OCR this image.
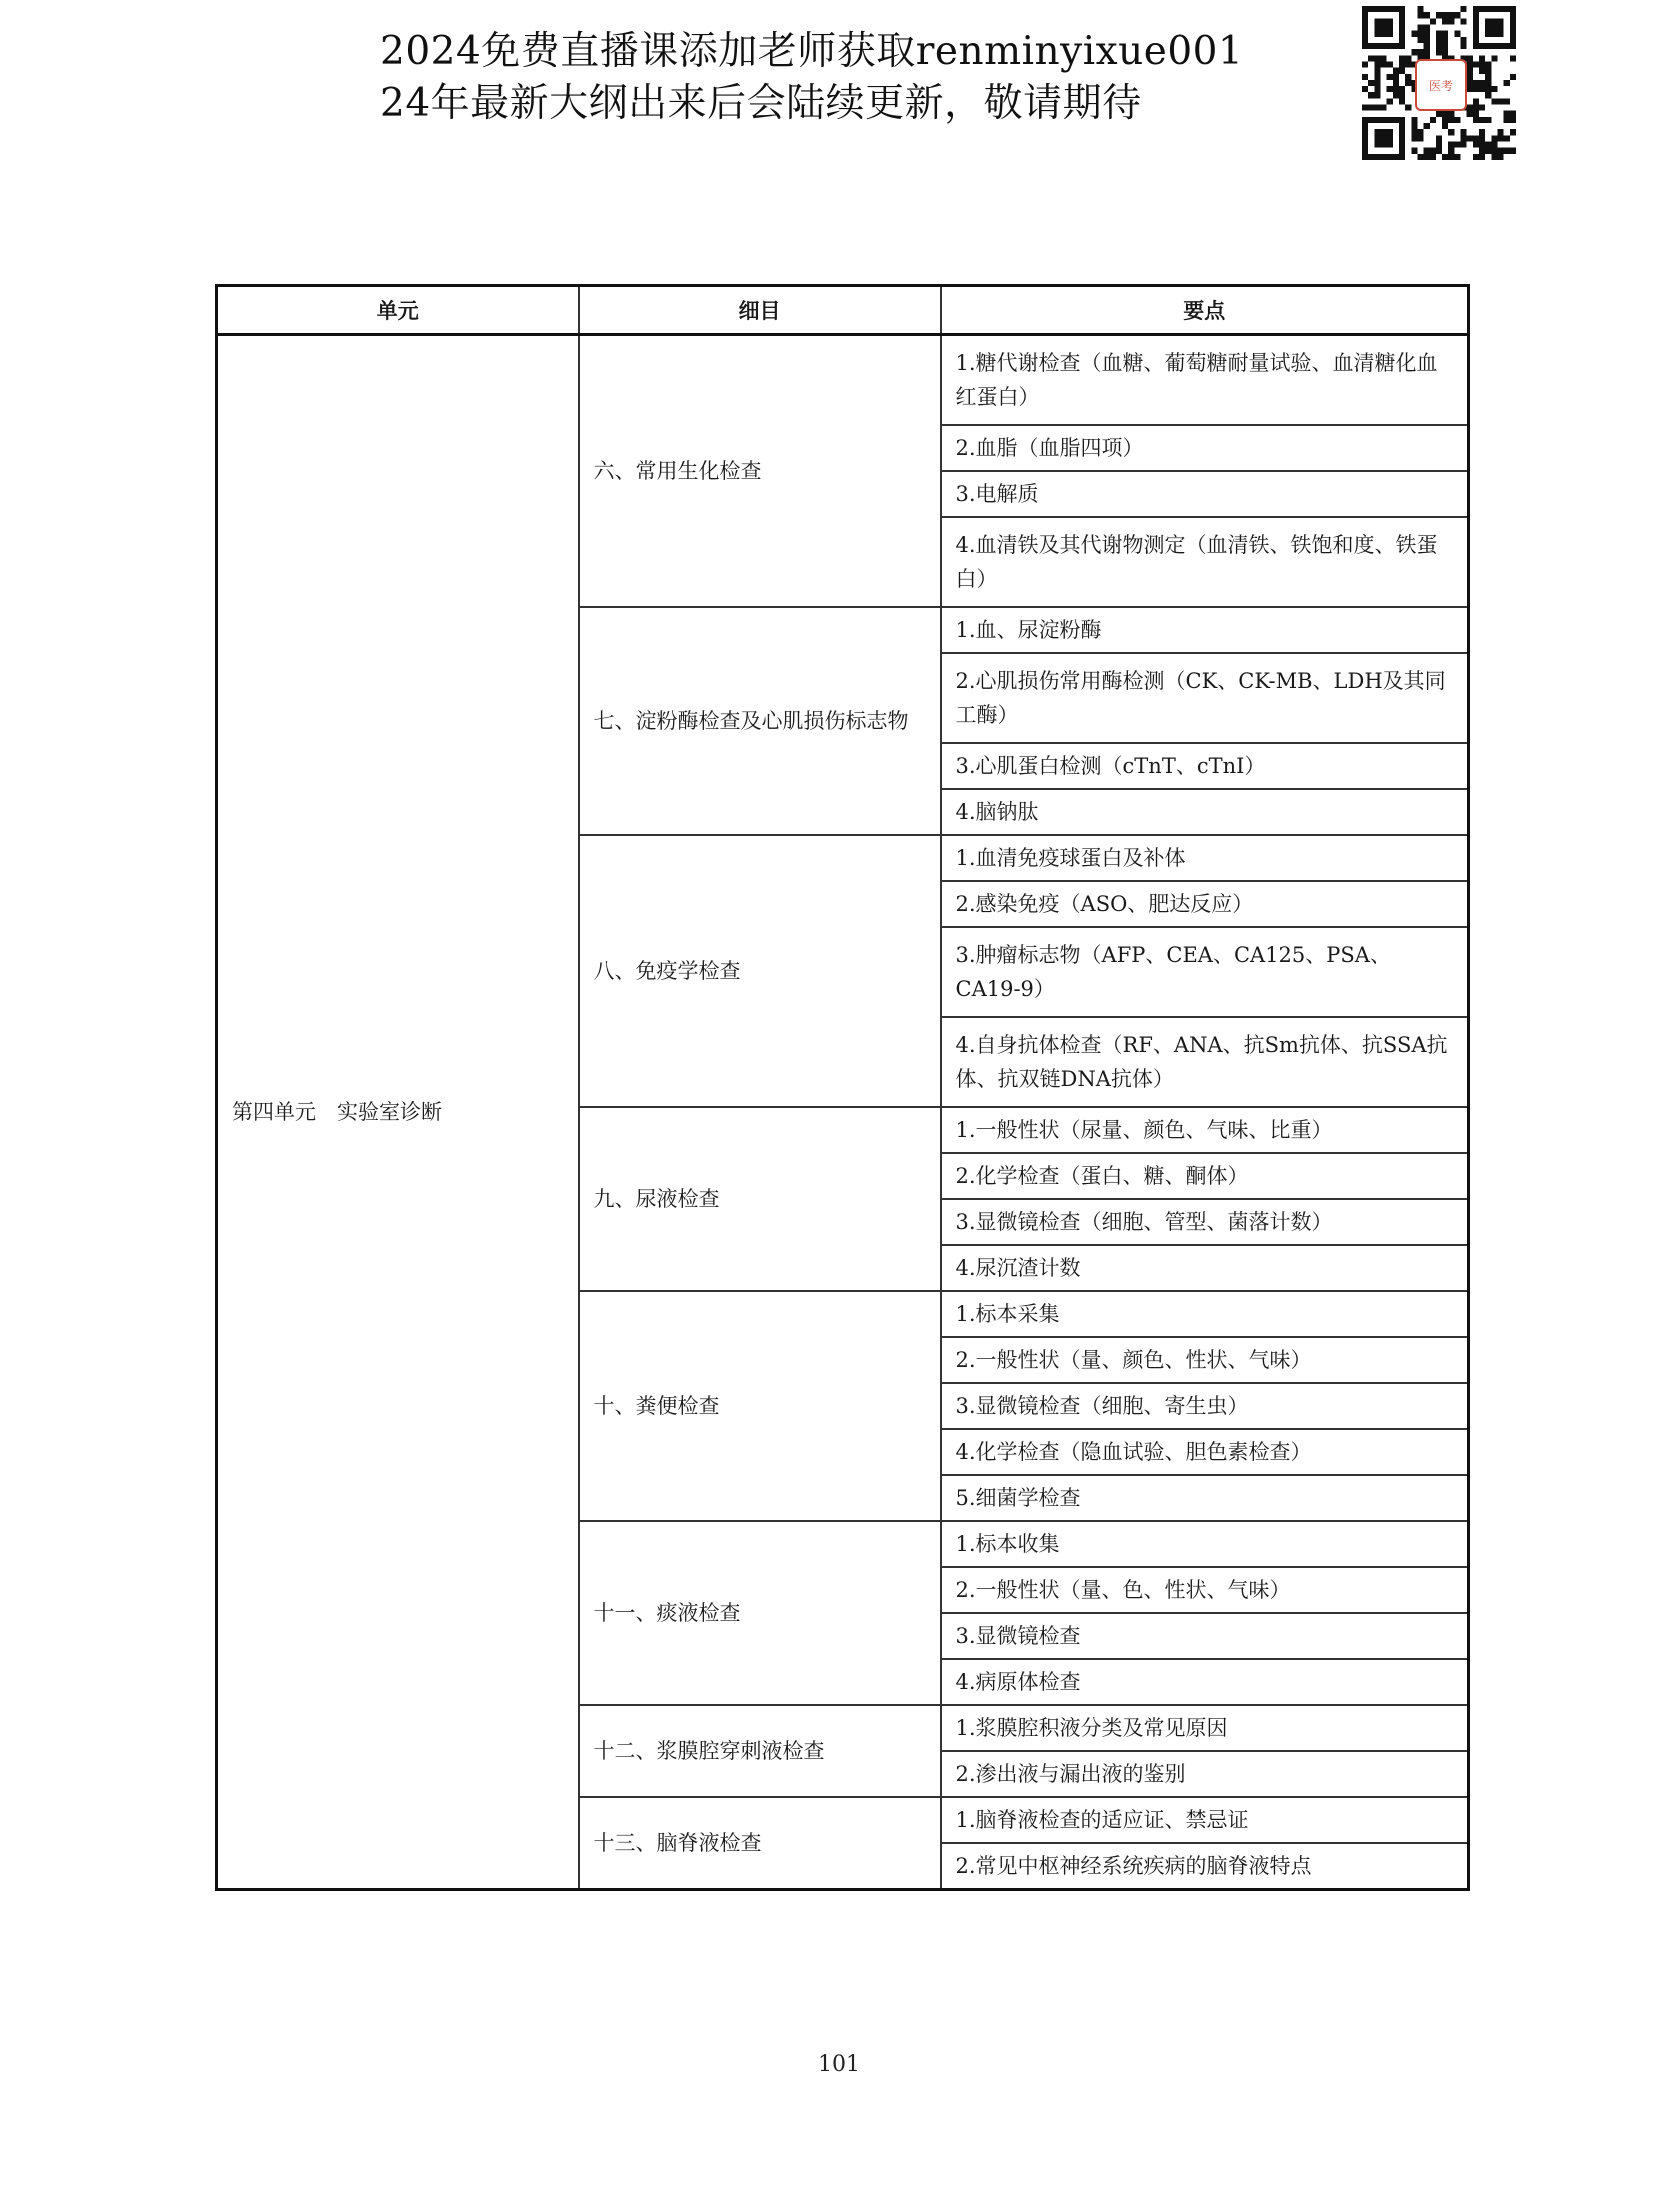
2024免费直播课添加老师获取renminyixue001
24年最新大纲出来后会陆续更新，敬请期待	医考
单元	细目	要点
第四单元　实验室诊断	六、常用生化检查	1.糖代谢检查（血糖、葡萄糖耐量试验、血清糖化血红蛋白）
		2.血脂（血脂四项）
		3.电解质
		4.血清铁及其代谢物测定（血清铁、铁饱和度、铁蛋白）
	七、淀粉酶检查及心肌损伤标志物	1.血、尿淀粉酶
		2.心肌损伤常用酶检测（CK、CK-MB、LDH及其同工酶）
		3.心肌蛋白检测（cTnT、cTnI）
		4.脑钠肽
	八、免疫学检查	1.血清免疫球蛋白及补体
		2.感染免疫（ASO、肥达反应）
		3.肿瘤标志物（AFP、CEA、CA125、PSA、CA19-9）
		4.自身抗体检查（RF、ANA、抗Sm抗体、抗SSA抗体、抗双链DNA抗体）
	九、尿液检查	1.一般性状（尿量、颜色、气味、比重）
		2.化学检查（蛋白、糖、酮体）
		3.显微镜检查（细胞、管型、菌落计数）
		4.尿沉渣计数
	十、粪便检查	1.标本采集
		2.一般性状（量、颜色、性状、气味）
		3.显微镜检查（细胞、寄生虫）
		4.化学检查（隐血试验、胆色素检查）
		5.细菌学检查
	十一、痰液检查	1.标本收集
		2.一般性状（量、色、性状、气味）
		3.显微镜检查
		4.病原体检查
	十二、浆膜腔穿刺液检查	1.浆膜腔积液分类及常见原因
		2.渗出液与漏出液的鉴别
	十三、脑脊液检查	1.脑脊液检查的适应证、禁忌证
		2.常见中枢神经系统疾病的脑脊液特点
101
